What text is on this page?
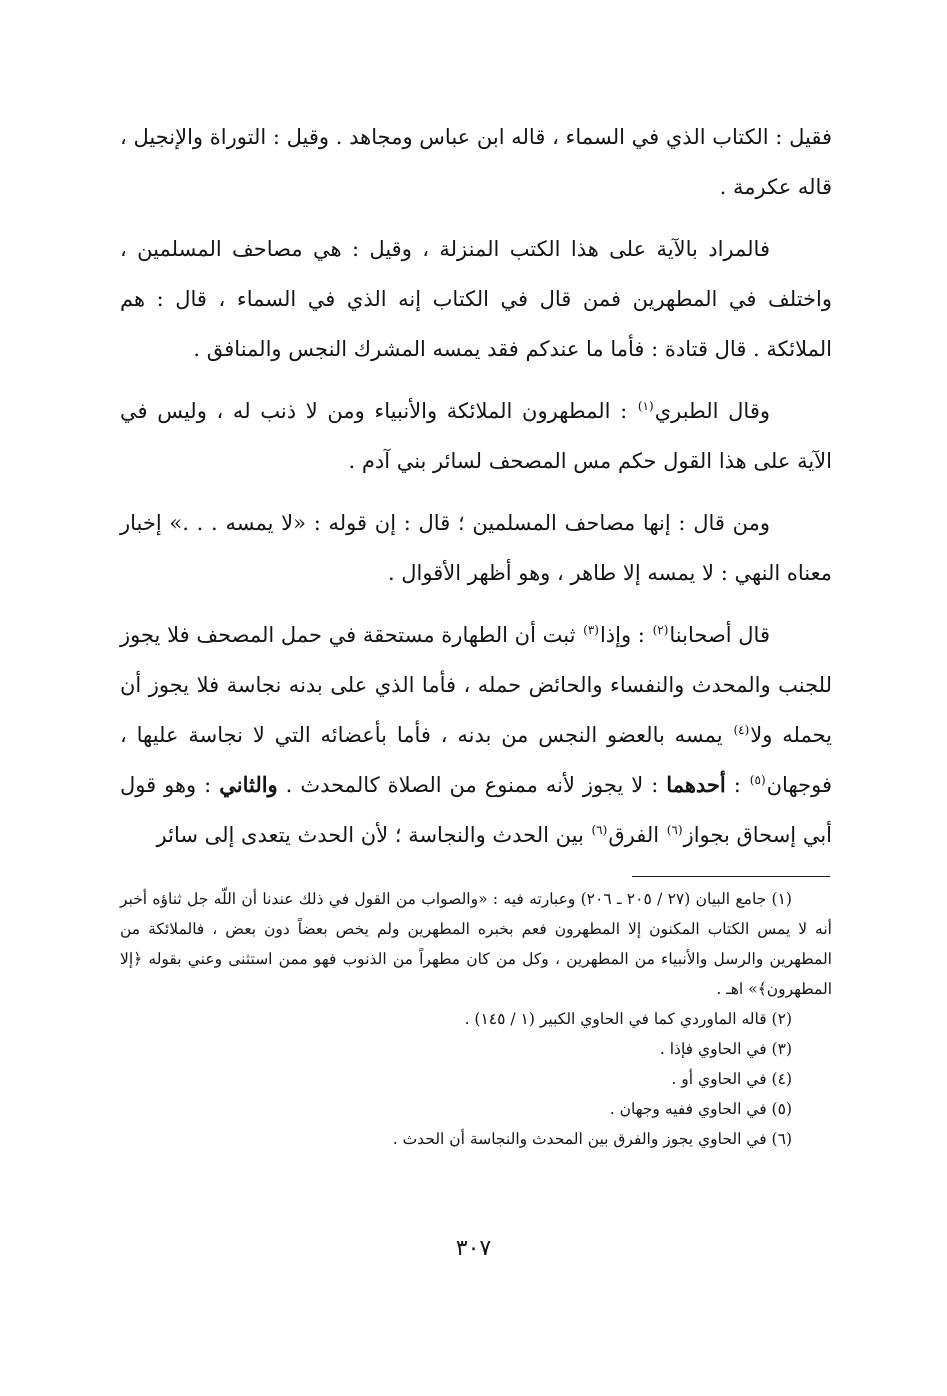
فقيل : الكتاب الذي في السماء ، قاله ابن عباس ومجاهد . وقيل : التوراة والإنجيل ، قاله عكرمة .

فالمراد بالآية على هذا الكتب المنزلة ، وقيل : هي مصاحف المسلمين ، واختلف في المطهرين فمن قال في الكتاب إنه الذي في السماء ، قال : هم الملائكة . قال قتادة : فأما ما عندكم فقد يمسه المشرك النجس والمنافق .

وقال الطبري$^{(١)}$ : المطهرون الملائكة والأنبياء ومن لا ذنب له ، وليس في الآية على هذا القول حكم مس المصحف لسائر بني آدم .

ومن قال : إنها مصاحف المسلمين ؛ قال : إن قوله : «لا يمسه . . .» إخبار معناه النهي : لا يمسه إلا طاهر ، وهو أظهر الأقوال .

قال أصحابنا$^{(٢)}$ : وإذا$^{(٣)}$ ثبت أن الطهارة مستحقة في حمل المصحف فلا يجوز للجنب والمحدث والنفساء والحائض حمله ، فأما الذي على بدنه نجاسة فلا يجوز أن يحمله ولا$^{(٤)}$ يمسه بالعضو النجس من بدنه ، فأما بأعضائه التي لا نجاسة عليها ، فوجهان$^{(٥)}$ : أحدهما : لا يجوز لأنه ممنوع من الصلاة كالمحدث . والثاني : وهو قول أبي إسحاق بجواز$^{(٦)}$ الفرق$^{(٦)}$ بين الحدث والنجاسة ؛ لأن الحدث يتعدى إلى سائر

(١) جامع البيان (٢٧ / ٢٠٥ ـ ٢٠٦) وعبارته فيه : «والصواب من القول في ذلك عندنا أن اللّه جل ثناؤه أخبر أنه لا يمس الكتاب المكنون إلا المطهرون فعم بخبره المطهرين ولم يخص بعضاً دون بعض ، فالملائكة من المطهرين والرسل والأنبياء من المطهرين ، وكل من كان مطهراً من الذنوب فهو ممن استثنى وعني بقوله ﴿إلا المطهرون﴾» اهـ .

(٢) قاله الماوردي كما في الحاوي الكبير (١ / ١٤٥) .

(٣) في الحاوي فإذا .

(٤) في الحاوي أو .

(٥) في الحاوي ففيه وجهان .

(٦) في الحاوي يجوز والفرق بين المحدث والنجاسة أن الحدث .

٣٠٧
